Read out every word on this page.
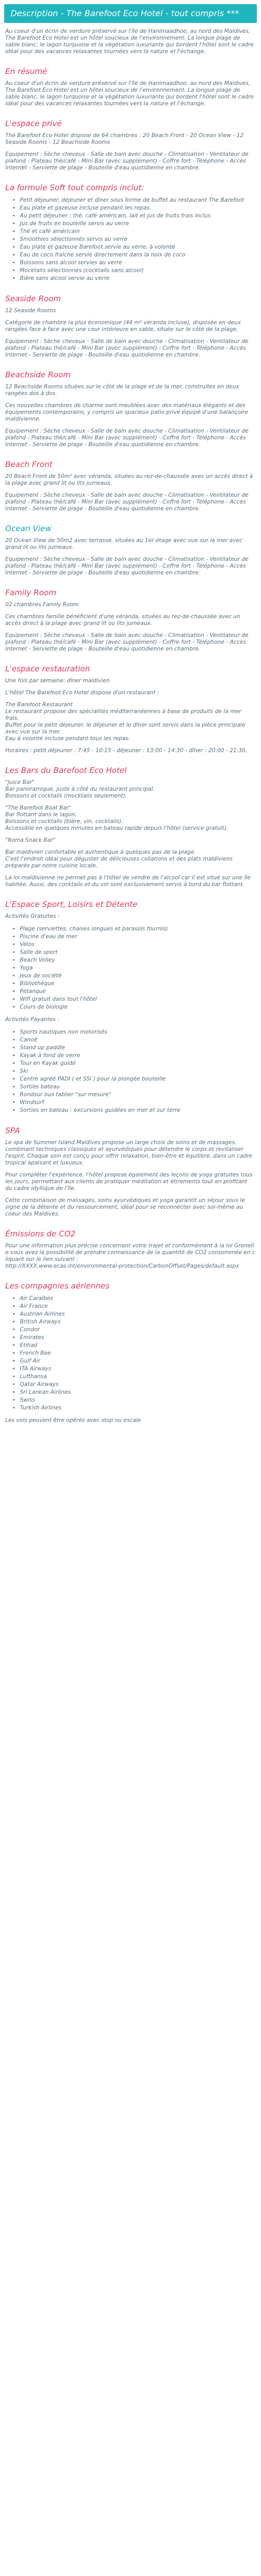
Description - The Barefoot Eco Hotel - tout compris ***

Au coeur d'un écrin de verdure préservé sur l'île de Hanimaadhoo, au nord des Maldives, The Barefoot Eco Hotel est un hôtel soucieux de l'environnement. La longue plage de sable blanc, le lagon turquoise et la végétation luxuriante qui bordent l'hôtel sont le cadre idéal pour des vacances relaxantes tournées vers la nature et l'échange.

En résumé

Au coeur d'un écrin de verdure préservé sur l'île de Hanimaadhoo, au nord des Maldives, The Barefoot Eco Hotel est un hôtel soucieux de l'environnement. La longue plage de sable blanc, le lagon turquoise et la végétation luxuriante qui bordent l'hôtel sont le cadre idéal pour des vacances relaxantes tournées vers la nature et l'échange.

L'espace privé

The Barefoot Eco Hotel dispose de 64 chambres : 20 Beach Front - 20 Ocean View - 12 Seaside Rooms - 12 Beachside Rooms

Equipement : Sèche cheveux - Salle de bain avec douche - Climatisation - Ventilateur de plafond - Plateau thé/café - Mini Bar (avec supplément) - Coffre fort - Téléphone - Accès Internet - Serviette de plage - Bouteille d'eau quotidienne en chambre.

La formule Soft tout compris inclut:
• Petit déjeuner, déjeuner et dîner sous forme de buffet au restaurant The Barefoot
• Eau plate et gazeuse incluse pendant les repas.
• Au petit déjeuner : thé, café américain, lait et jus de fruits frais inclus
• Jus de fruits en bouteille servis au verre
• Thé et café américain
• Smoothies sélectionnés servis au verre
• Eau plate et gazeuse Barefoot servie au verre, à volonté
• Eau de coco fraîche servie directement dans la noix de coco
• Boissons sans alcool servies au verre
• Mocktails sélectionnés (cocktails sans alcool)
• Bière sans alcool servie au verre
Seaside Room

12 Seaside Rooms

Catégorie de chambre la plus économique (44 m² véranda incluse), disposée en deux rangées face à face avec une cour intérieure en sable, située sur le côté de la plage.

Equipement : Sèche cheveux - Salle de bain avec douche - Climatisation - Ventilateur de plafond - Plateau thé/café - Mini Bar (avec supplément) - Coffre fort - Téléphone - Accès Internet - Serviette de plage - Bouteille d'eau quotidienne en chambre.

Beachside Room

12 Beachside Rooms situées sur le côté de la plage et de la mer, construites en deux rangées dos à dos.

Ces nouvelles chambres de charme sont meublées avec des matériaux élégants et des équipements contemporains, y compris un spacieux patio privé équipé d'une balançoire maldivienne.

Equipement : Sèche cheveux - Salle de bain avec douche - Climatisation - Ventilateur de plafond - Plateau thé/café - Mini Bar (avec supplément) - Coffre fort - Téléphone - Accès Internet - Serviette de plage - Bouteille d'eau quotidienne en chambre.

Beach Front

20 Beach Front de 50m² avec véranda, situées au rez-de-chaussée avec un accès direct à la plage avec grand lit ou lits jumeaux.

Equipement : Sèche cheveux - Salle de bain avec douche - Climatisation - Ventilateur de plafond - Plateau thé/café - Mini Bar (avec supplément) - Coffre fort - Téléphone - Accès Internet - Serviette de plage - Bouteille d'eau quotidienne en chambre.

Ocean View

20 Ocean View de 50m2 avec terrasse, situées au 1er étage avec vue sur la mer avec grand lit ou lits jumeaux.

Equipement : Sèche cheveux - Salle de bain avec douche - Climatisation - Ventilateur de plafond - Plateau thé/café - Mini Bar (avec supplément) - Coffre fort - Téléphone - Accès Internet - Serviette de plage - Bouteille d'eau quotidienne en chambre.

Family Room

02 chambres Family Room

Ces chambres famille bénéficient d'une véranda, situées au rez-de-chaussée avec un accès direct à la plage avec grand lit ou lits jumeaux.

Equipement : Sèche cheveux - Salle de bain avec douche - Climatisation - Ventilateur de plafond - Plateau thé/café - Mini Bar (avec supplément) - Coffre fort - Téléphone - Accès Internet - Serviette de plage - Bouteille d'eau quotidienne en chambre.

L'espace restauration

Une fois par semaine: dîner maldivien

L'hôtel The Barefoot Eco Hotel dispose d'un restaurant :

The Barefoot Restaurant
Le restaurant propose des spécialités méditerranéennes à base de produits de la mer frais.
Buffet pour le petit déjeuner, le déjeuner et le dîner sont servis dans la pièce principale avec vue sur la mer.
Eau à volonté incluse pendant tous les repas.

Horaires : petit déjeuner : 7:45 - 10:15 - déjeuner : 13:00 - 14:30 - dîner : 20:00 - 21:30.

Les Bars du Barefoot Eco Hotel

"Juice Bar"
Bar panoramique, juste à côté du restaurant principal.
Boissons et cocktails (mocktails seulement).

"The Barefoot Boat Bar"
Bar flottant dans le lagon.
Boissons et cocktails (bière, vin, cocktails).
Accessible en quelques minutes en bateau rapide depuis l'hôtel (service gratuit).

"Roma Snack Bar"

Bar maldivien confortable et authentique à quelques pas de la plage.
C'est l'endroit idéal pour déguster de délicieuses collations et des plats maldiviens préparés par notre cuisine locale.

La loi maldivienne ne permet pas à l'hôtel de vendre de l'alcool car il est situé sur une île habitée. Aussi, des cocktails et du vin sont exclusivement servis à bord du bar flottant.

L'Espace Sport, Loisirs et Détente

Activités Gratuites :

• Plage (serviettes, chaises longues et parasols fournis)
• Piscine d'eau de mer
• Vélos
• Salle de sport
• Beach Volley
• Yoga
• Jeux de société
• Bibliothèque
• Pétanque
• Wifi gratuit dans tout l'hôtel
• Cours de biologie

Activités Payantes :

• Sports nautiques non motorisés
• Canoë
• Stand up paddle
• Kayak à fond de verre
• Tour en Kayak guidé
• Ski
• Centre agréé PADI ( et SSI ) pour la plongée bouteille
• Sorties bateau
• Rondsur bus tablier "sur mesure"
• Windsurf
• Sorties en bateau : excursions guidées en mer et sur terre
SPA

Le spa de Summer Island Maldives propose un large choix de soins et de massages, combinant techniques classiques et ayurvédiques pour détendre le corps et revitaliser l'esprit. Chaque soin est conçu pour offrir relaxation, bien-être et équilibre, dans un cadre tropical apaisant et luxueux.

Pour compléter l'expérience, l'hôtel propose également des leçons de yoga gratuites tous les jours, permettant aux clients de pratiquer méditation et étirements tout en profitant du cadre idyllique de l'île.

Cette combinaison de massages, soins ayurvédiques et yoga garantit un séjour sous le signe de la détente et du ressourcement, idéal pour se reconnecter avec soi-même au coeur des Maldives.

Émissions de CO2

Pour une information plus précise concernant votre trajet et conformément à la loi Grenelle vous avez la possibilité de prendre connaissance de la quantité de CO2 consommée en cliquant sur le lien suivant :
http://XXXX.www.ecas.int/environmental-protection/CarbonOffset/Pages/default.aspx

Les compagnies aériennes
• Air Caraïbes
• Air France
• Austrian Airlines
• British Airways
• Condor
• Emirates
• Etihad
• French Bee
• Gulf Air
• ITA Airways
• Lufthansa
• Qatar Airways
• Sri Lankan Airlines
• Swiss
• Turkish Airlines

Les vols peuvent être opérés avec stop ou escale
